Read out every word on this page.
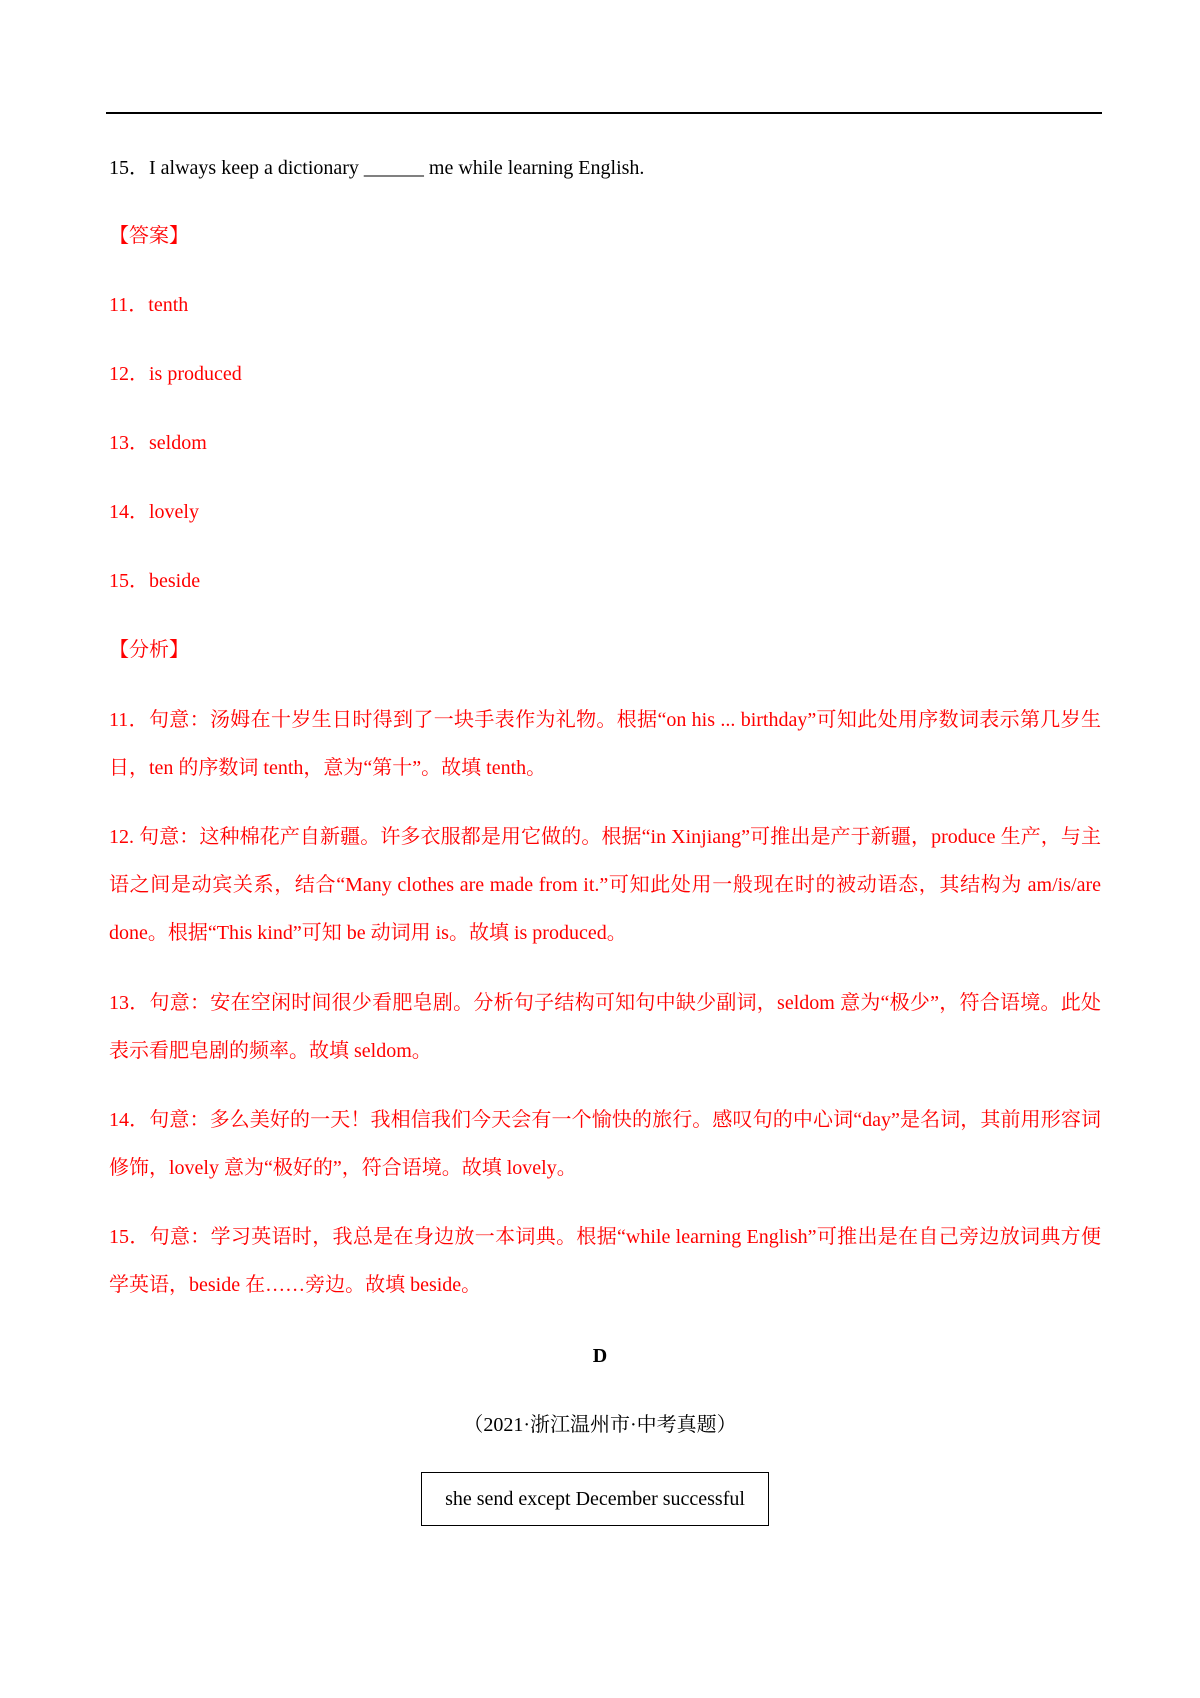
15．I always keep a dictionary ______ me while learning English.
【答案】
11．tenth
12．is produced
13．seldom
14．lovely
15．beside
【分析】
11．句意：汤姆在十岁生日时得到了一块手表作为礼物。根据“on his ... birthday”可知此处用序数词表示第几岁生日，ten 的序数词 tenth，意为“第十”。故填 tenth。
12. 句意：这种棉花产自新疆。许多衣服都是用它做的。根据“in Xinjiang”可推出是产于新疆，produce 生产，与主语之间是动宾关系，结合“Many clothes are made from it.”可知此处用一般现在时的被动语态，其结构为 am/is/are done。根据“This kind”可知 be 动词用 is。故填 is produced。
13．句意：安在空闲时间很少看肥皂剧。分析句子结构可知句中缺少副词，seldom 意为“极少”，符合语境。此处表示看肥皂剧的频率。故填 seldom。
14．句意：多么美好的一天！我相信我们今天会有一个愉快的旅行。感叹句的中心词“day”是名词，其前用形容词修饰，lovely 意为“极好的”，符合语境。故填 lovely。
15．句意：学习英语时，我总是在身边放一本词典。根据“while learning English”可推出是在自己旁边放词典方便学英语，beside 在……旁边。故填 beside。
D
（2021·浙江温州市·中考真题）
she send except December successful
